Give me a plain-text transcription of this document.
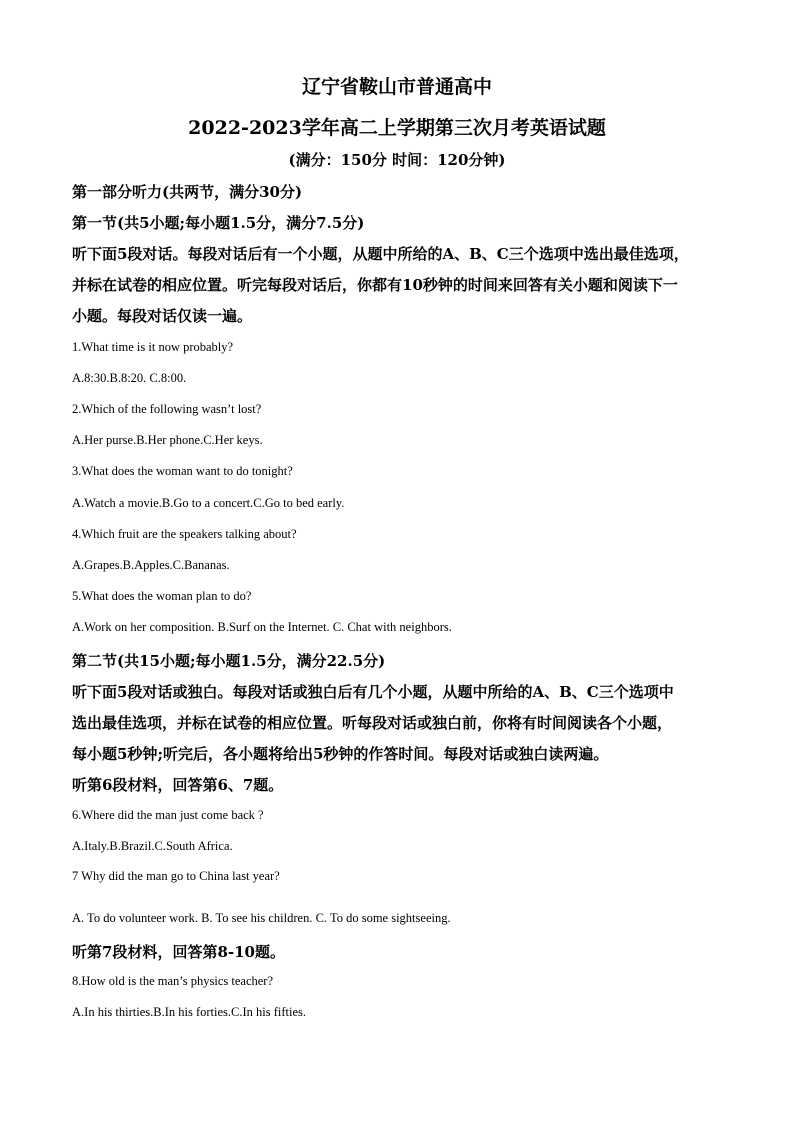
辽宁省鞍山市普通高中
2022-2023学年高二上学期第三次月考英语试题
(满分：150分 时间：120分钟)
第一部分听力(共两节，满分30分)
第一节(共5小题;每小题1.5分，满分7.5分)
听下面5段对话。每段对话后有一个小题，从题中所给的A、B、C三个选项中选出最佳选项，
并标在试卷的相应位置。听完每段对话后，你都有10秒钟的时间来回答有关小题和阅读下一
小题。每段对话仅读一遍。
1.What time is it now probably?
A.8:30.B.8:20. C.8:00.
2.Which of the following wasn’t lost?
A.Her purse.B.Her phone.C.Her keys.
3.What does the woman want to do tonight?
A.Watch a movie.B.Go to a concert.C.Go to bed early.
4.Which fruit are the speakers talking about?
A.Grapes.B.Apples.C.Bananas.
5.What does the woman plan to do?
A.Work on her composition. B.Surf on the Internet. C. Chat with neighbors.
第二节(共15小题;每小题1.5分，满分22.5分)
听下面5段对话或独白。每段对话或独白后有几个小题，从题中所给的A、B、C三个选项中
选出最佳选项，并标在试卷的相应位置。听每段对话或独白前，你将有时间阅读各个小题，
每小题5秒钟;听完后，各小题将给出5秒钟的作答时间。每段对话或独白读两遍。
听第6段材料，回答第6、7题。
6.Where did the man just come back ?
A.Italy.B.Brazil.C.South Africa.
7 Why did the man go to China last year?
A. To do volunteer work. B. To see his children. C. To do some sightseeing.
听第7段材料，回答第8-10题。
8.How old is the man’s physics teacher?
A.In his thirties.B.In his forties.C.In his fifties.
